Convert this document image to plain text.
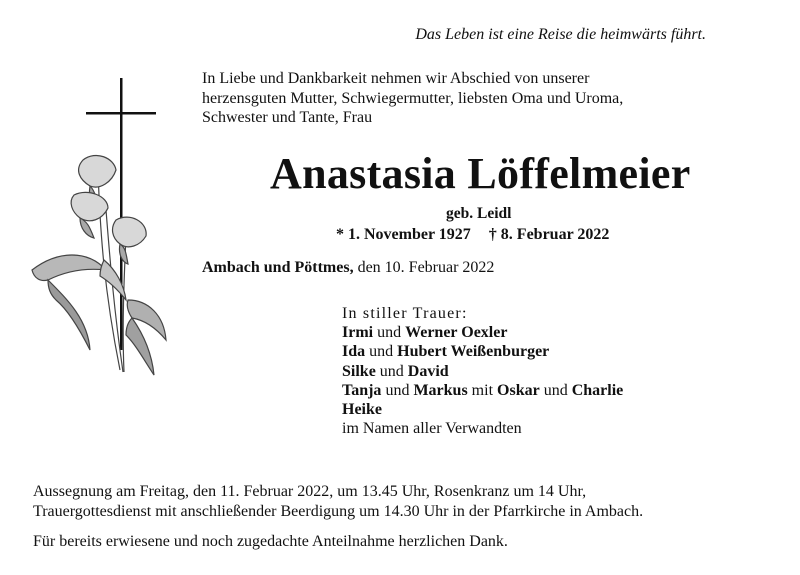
Das Leben ist eine Reise die heimwärts führt.
In Liebe und Dankbarkeit nehmen wir Abschied von unserer
herzensguten Mutter, Schwiegermutter, liebsten Oma und Uroma,
Schwester und Tante, Frau
Anastasia Löffelmeier
geb. Leidl
* 1. November 1927 † 8. Februar 2022
Ambach und Pöttmes, den 10. Februar 2022
In stiller Trauer:
Irmi und Werner Oexler
Ida und Hubert Weißenburger
Silke und David
Tanja und Markus mit Oskar und Charlie
Heike
im Namen aller Verwandten
Aussegnung am Freitag, den 11. Februar 2022, um 13.45 Uhr, Rosenkranz um 14 Uhr,
Trauergottesdienst mit anschließender Beerdigung um 14.30 Uhr in der Pfarrkirche in Ambach.
Für bereits erwiesene und noch zugedachte Anteilnahme herzlichen Dank.
